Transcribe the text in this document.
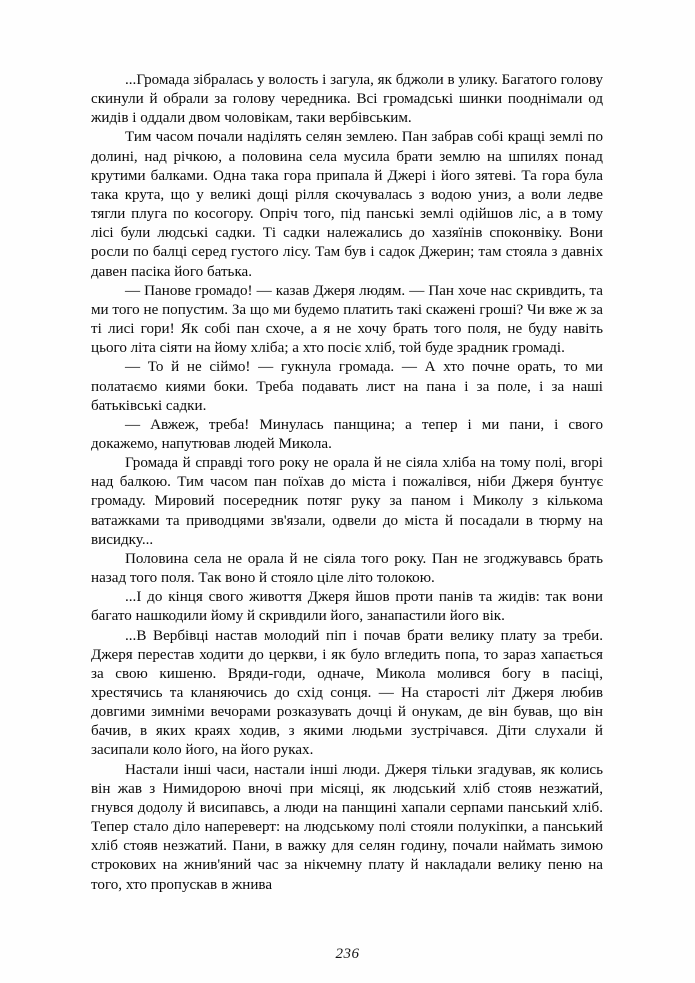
...Громада зібралась у волость і загула, як бджоли в улику. Багатого голову скинули й обрали за голову чередника. Всі громадські шинки пооднімали од жидів і оддали двом чоловікам, таки вербівським.

Тим часом почали наділять селян землею. Пан забрав собі кращі землі по долині, над річкою, а половина села мусила брати землю на шпилях понад крутими балками. Одна така гора припала й Джері і його зятеві. Та гора була така крута, що у великі дощі рілля скочувалась з водою униз, а воли ледве тягли плуга по косогору. Опріч того, під панські землі одійшов ліс, а в тому лісі були людські садки. Ті садки належались до хазяїнів споконвіку. Вони росли по балці серед густого лісу. Там був і садок Джерин; там стояла з давніх давен пасіка його батька.

— Панове громадо! — казав Джеря людям. — Пан хоче нас скривдить, та ми того не попустим. За що ми будемо платить такі скажені гроші? Чи вже ж за ті лисі гори! Як собі пан схоче, а я не хочу брать того поля, не буду навіть цього літа сіяти на йому хліба; а хто посіє хліб, той буде зрадник громаді.

— То й не сіймо! — гукнула громада. — А хто почне орать, то ми полатаємо киями боки. Треба подавать лист на пана і за поле, і за наші батьківські садки.

— Авжеж, треба! Минулась панщина; а тепер і ми пани, і свого докажемо, напутював людей Микола.

Громада й справді того року не орала й не сіяла хліба на тому полі, вгорі над балкою. Тим часом пан поїхав до міста і пожалівся, ніби Джеря бунтує громаду. Мировий посередник потяг руку за паном і Миколу з кількома ватажками та приводцями зв'язали, одвели до міста й посадали в тюрму на висидку...

Половина села не орала й не сіяла того року. Пан не згоджувавсь брать назад того поля. Так воно й стояло ціле літо толокою.

...І до кінця свого живоття Джеря йшов проти панів та жидів: так вони багато нашкодили йому й скривдили його, занапастили його вік.

...В Вербівці настав молодий піп і почав брати велику плату за треби. Джеря перестав ходити до церкви, і як було вгледить попа, то зараз хапається за свою кишеню. Вряди-годи, одначе, Микола молився богу в пасіці, хрестячись та кланяючись до схід сонця. — На старості літ Джеря любив довгими зимніми вечорами розказувать дочці й онукам, де він бував, що він бачив, в яких краях ходив, з якими людьми зустрічався. Діти слухали й засипали коло його, на його руках.

Настали інші часи, настали інші люди. Джеря тільки згадував, як колись він жав з Нимидорою вночі при місяці, як людський хліб стояв незжатий, гнувся додолу й висипавсь, а люди на панщині хапали серпами панський хліб. Тепер стало діло напереверт: на людському полі стояли полукіпки, а панський хліб стояв незжатий. Пани, в важку для селян годину, почали наймать зимою строкових на жнив'яний час за нікчемну плату й накладали велику пеню на того, хто пропускав в жнива

236
